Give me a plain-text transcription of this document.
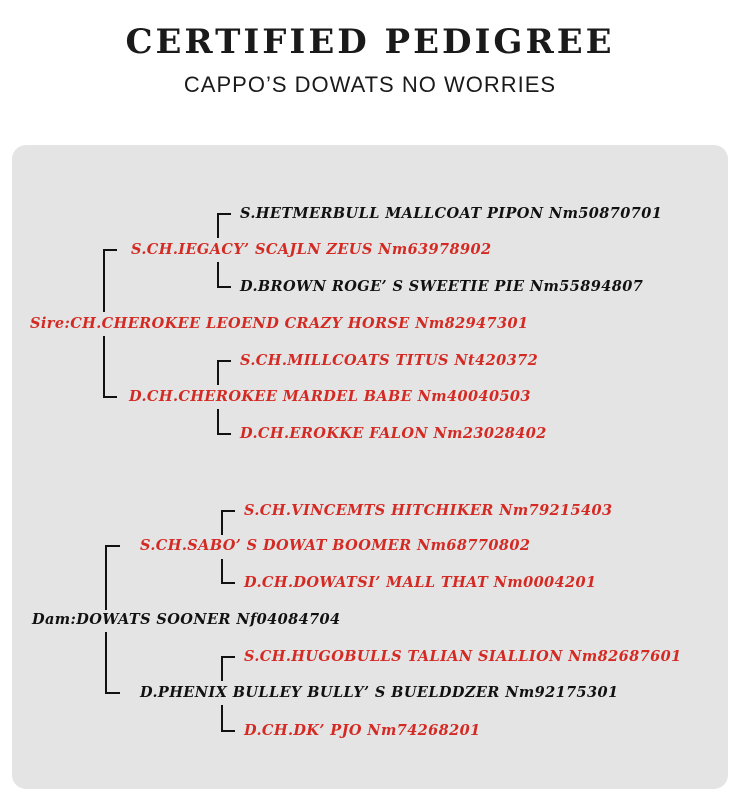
CERTIFIED PEDIGREE
CAPPO’S DOWATS NO WORRIES
S.HETMERBULL MALLCOAT PIPON Nm50870701
S.CH.IEGACY’ SCAJLN ZEUS Nm63978902
D.BROWN ROGE’ S SWEETIE PIE Nm55894807
Sire:CH.CHEROKEE LEOEND CRAZY HORSE Nm82947301
S.CH.MILLCOATS TITUS Nt420372
D.CH.CHEROKEE MARDEL BABE Nm40040503
D.CH.EROKKE FALON Nm23028402
S.CH.VINCEMTS HITCHIKER Nm79215403
S.CH.SABO’ S DOWAT BOOMER Nm68770802
D.CH.DOWATSI’ MALL THAT Nm0004201
Dam:DOWATS SOONER Nf04084704
S.CH.HUGOBULLS TALIAN SIALLION Nm82687601
D.PHENIX BULLEY BULLY’ S BUELDDZER Nm92175301
D.CH.DK’ PJO Nm74268201
